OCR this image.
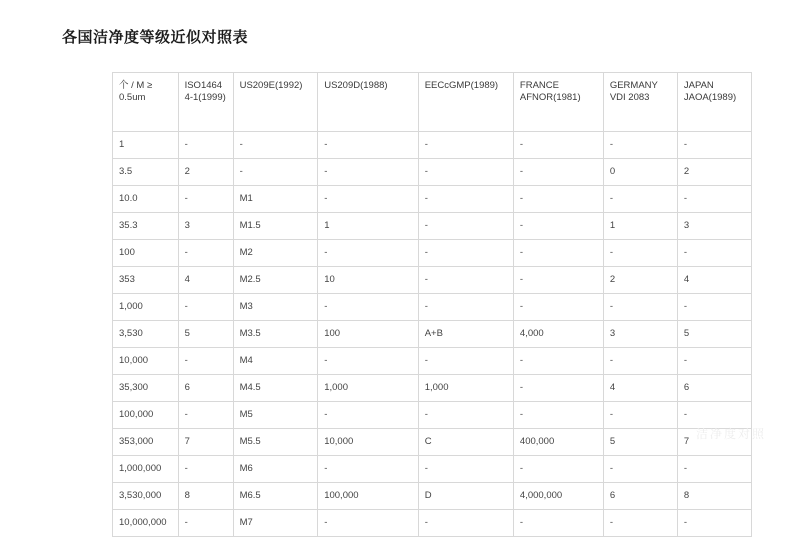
各国洁净度等级近似对照表
个 / M ≥ 0.5um	ISO14644-1(1999)	US209E(1992)	US209D(1988)	EECcGMP(1989)	FRANCE AFNOR(1981)	GERMANY VDI 2083	JAPAN JAOA(1989)
1	-	-	-	-	-	-	-
3.5	2	-	-	-	-	0	2
10.0	-	M1	-	-	-	-	-
35.3	3	M1.5	1	-	-	1	3
100	-	M2	-	-	-	-	-
353	4	M2.5	10	-	-	2	4
1,000	-	M3	-	-	-	-	-
3,530	5	M3.5	100	A+B	4,000	3	5
10,000	-	M4	-	-	-	-	-
35,300	6	M4.5	1,000	1,000	-	4	6
100,000	-	M5	-	-	-	-	-
353,000	7	M5.5	10,000	C	400,000	5	7
1,000,000	-	M6	-	-	-	-	-
3,530,000	8	M6.5	100,000	D	4,000,000	6	8
10,000,000	-	M7	-	-	-	-	-
洁净度对照
